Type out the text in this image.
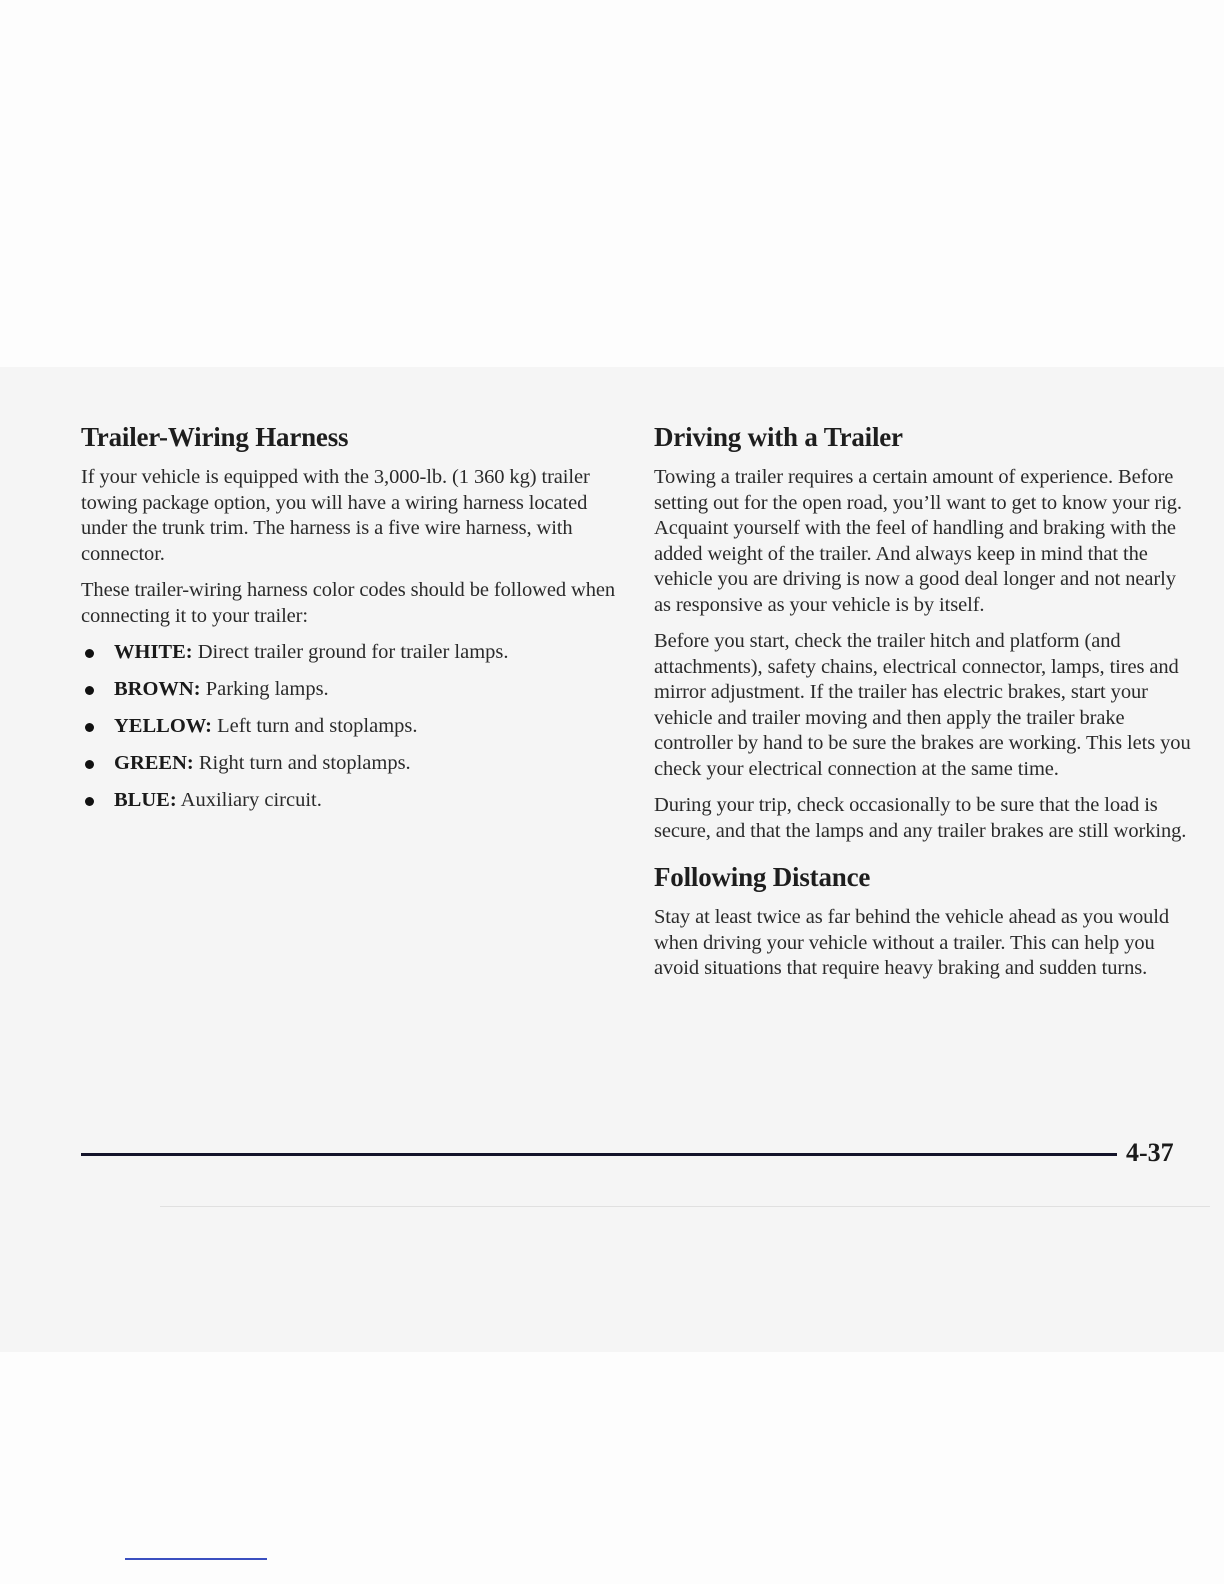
Trailer-Wiring Harness

If your vehicle is equipped with the 3,000-lb. (1 360 kg) trailer towing package option, you will have a wiring harness located under the trunk trim. The harness is a five wire harness, with connector.

These trailer-wiring harness color codes should be followed when connecting it to your trailer:

WHITE: Direct trailer ground for trailer lamps.
BROWN: Parking lamps.
YELLOW: Left turn and stoplamps.
GREEN: Right turn and stoplamps.
BLUE: Auxiliary circuit.
Driving with a Trailer

Towing a trailer requires a certain amount of experience. Before setting out for the open road, you’ll want to get to know your rig. Acquaint yourself with the feel of handling and braking with the added weight of the trailer. And always keep in mind that the vehicle you are driving is now a good deal longer and not nearly as responsive as your vehicle is by itself.

Before you start, check the trailer hitch and platform (and attachments), safety chains, electrical connector, lamps, tires and mirror adjustment. If the trailer has electric brakes, start your vehicle and trailer moving and then apply the trailer brake controller by hand to be sure the brakes are working. This lets you check your electrical connection at the same time.

During your trip, check occasionally to be sure that the load is secure, and that the lamps and any trailer brakes are still working.

Following Distance

Stay at least twice as far behind the vehicle ahead as you would when driving your vehicle without a trailer. This can help you avoid situations that require heavy braking and sudden turns.

4-37
